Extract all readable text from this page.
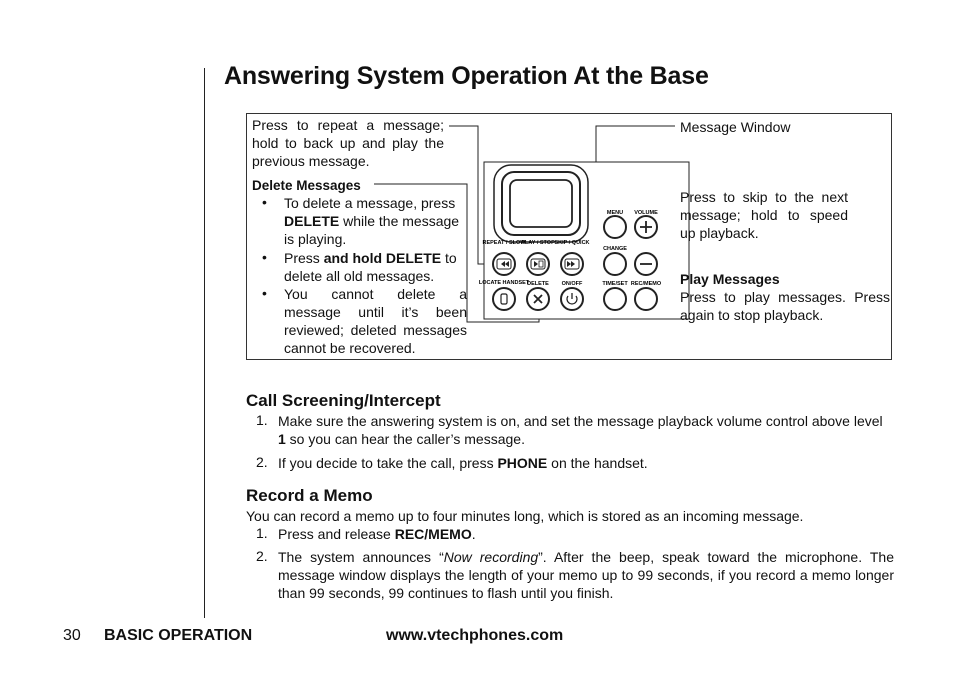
Answering System Operation At the Base
REPEAT / SLOW
PLAY / STOP SKIP / QUICK
MENU VOLUME
CHANGE
LOCATE HANDSET
DELETE ON/OFF	TIME/SET REC/MEMO
Press to repeat a message; hold to back up and play the previous message.
Delete Messages
• To delete a message, press DELETE while the message is playing.
• Press and hold DELETE to delete all old messages.
• You cannot delete a message until it’s been reviewed; deleted messages cannot be recovered.
Message Window
Press to skip to the next message; hold to speed up playback.
Play Messages
Press to play messages. Press again to stop playback.
Call Screening/Intercept
1. Make sure the answering system is on, and set the message playback volume control above level 1 so you can hear the caller’s message.
2. If you decide to take the call, press PHONE on the handset.
Record a Memo
You can record a memo up to four minutes long, which is stored as an incoming message.
1. Press and release REC/MEMO.
2. The system announces “Now recording”. After the beep, speak toward the microphone. The message window displays the length of your memo up to 99 seconds, if you record a memo longer than 99 seconds, 99 continues to flash until you finish.
30 BASIC OPERATION	www.vtechphones.com
